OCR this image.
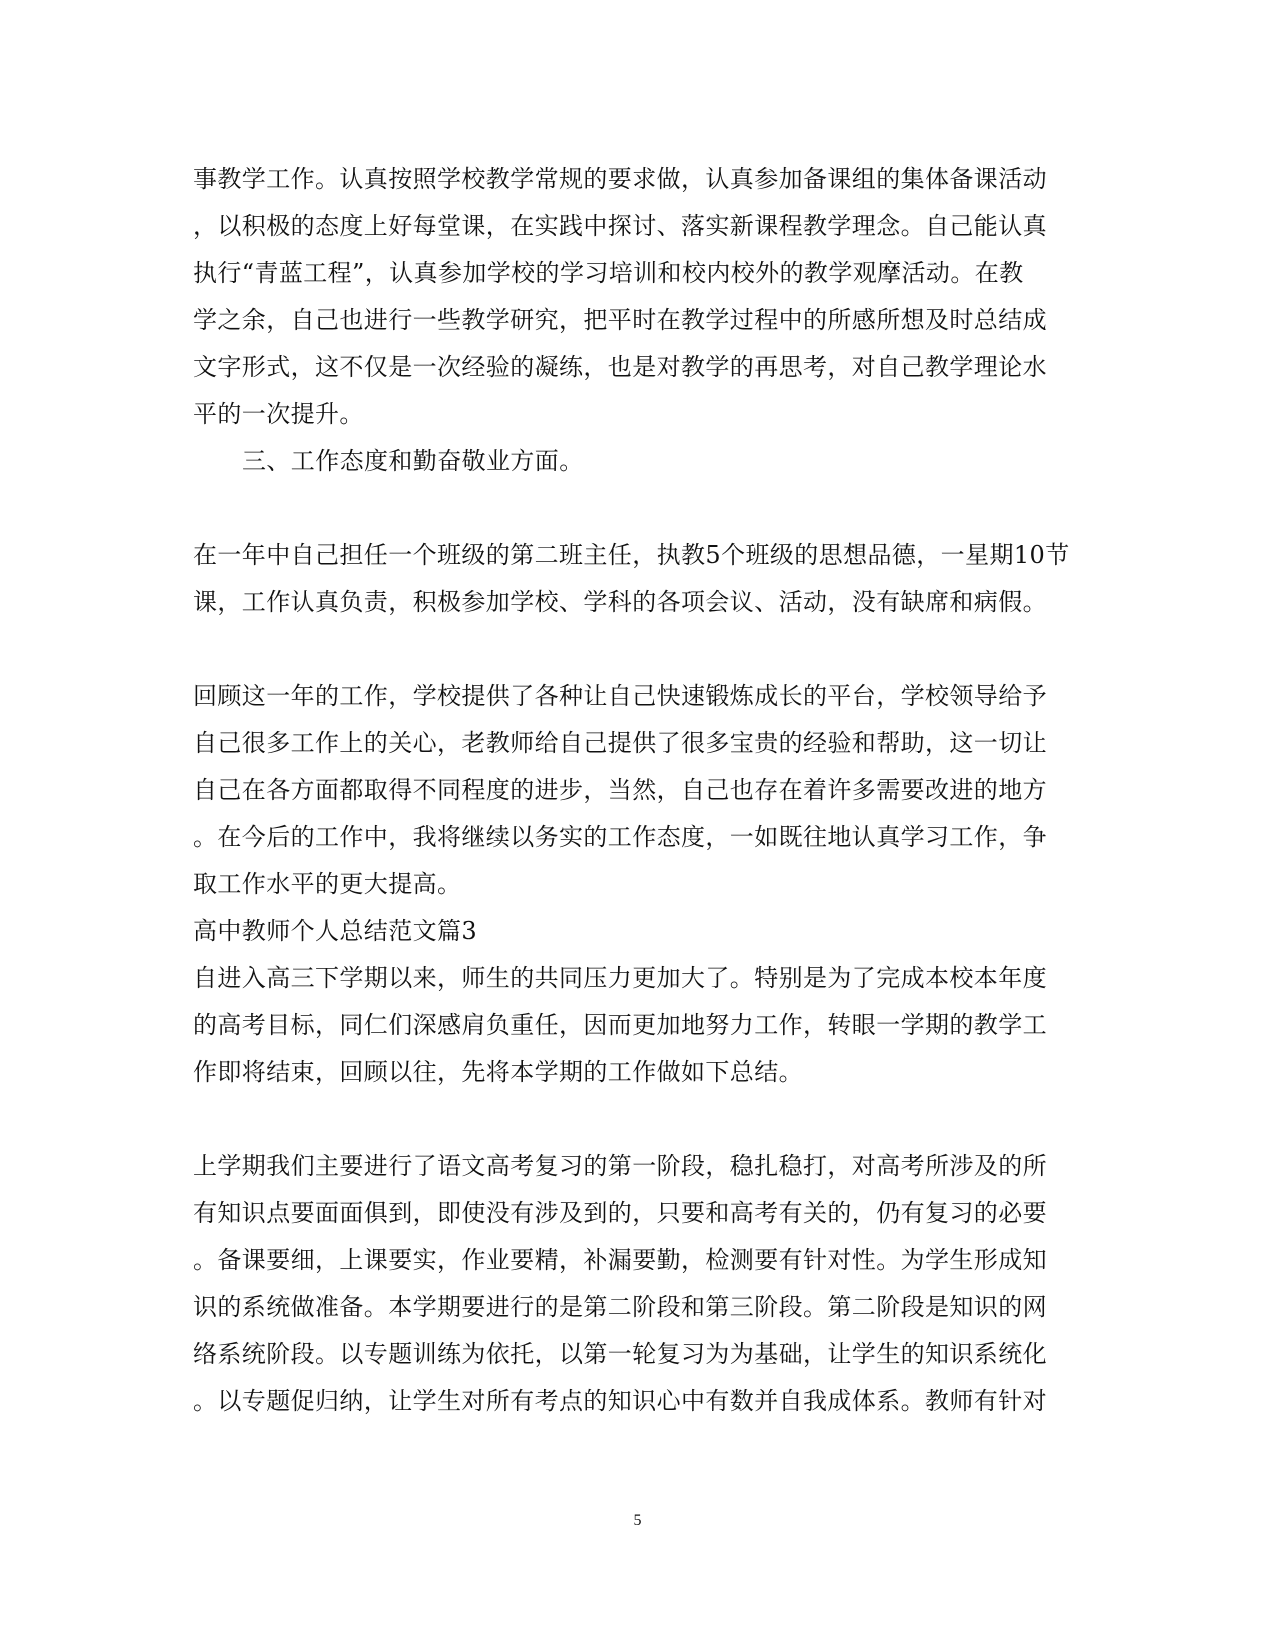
事教学工作。认真按照学校教学常规的要求做，认真参加备课组的集体备课活动
，以积极的态度上好每堂课，在实践中探讨、落实新课程教学理念。自己能认真
执行“青蓝工程”，认真参加学校的学习培训和校内校外的教学观摩活动。在教
学之余，自己也进行一些教学研究，把平时在教学过程中的所感所想及时总结成
文字形式，这不仅是一次经验的凝练，也是对教学的再思考，对自己教学理论水
平的一次提升。
三、工作态度和勤奋敬业方面。
在一年中自己担任一个班级的第二班主任，执教5个班级的思想品德，一星期10节
课，工作认真负责，积极参加学校、学科的各项会议、活动，没有缺席和病假。
回顾这一年的工作，学校提供了各种让自己快速锻炼成长的平台，学校领导给予
自己很多工作上的关心，老教师给自己提供了很多宝贵的经验和帮助，这一切让
自己在各方面都取得不同程度的进步，当然，自己也存在着许多需要改进的地方
。在今后的工作中，我将继续以务实的工作态度，一如既往地认真学习工作，争
取工作水平的更大提高。
高中教师个人总结范文篇3
自进入高三下学期以来，师生的共同压力更加大了。特别是为了完成本校本年度
的高考目标，同仁们深感肩负重任，因而更加地努力工作，转眼一学期的教学工
作即将结束，回顾以往，先将本学期的工作做如下总结。
上学期我们主要进行了语文高考复习的第一阶段，稳扎稳打，对高考所涉及的所
有知识点要面面俱到，即使没有涉及到的，只要和高考有关的，仍有复习的必要
。备课要细，上课要实，作业要精，补漏要勤，检测要有针对性。为学生形成知
识的系统做准备。本学期要进行的是第二阶段和第三阶段。第二阶段是知识的网
络系统阶段。以专题训练为依托，以第一轮复习为为基础，让学生的知识系统化
。以专题促归纳，让学生对所有考点的知识心中有数并自我成体系。教师有针对
5
